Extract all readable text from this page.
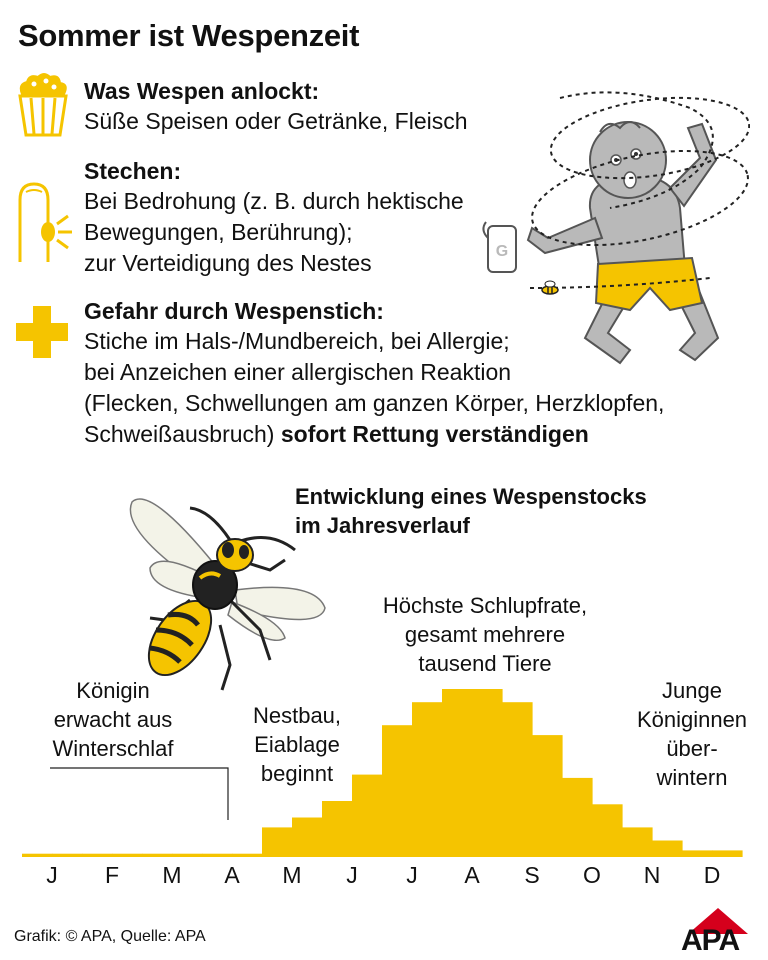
Sommer ist Wespenzeit
Was Wespen anlockt:
Süße Speisen oder Getränke, Fleisch
Stechen:
Bei Bedrohung (z. B. durch hektische
Bewegungen, Berührung);
zur Verteidigung des Nestes
Gefahr durch Wespenstich:
Stiche im Hals-/Mundbereich, bei Allergie;
bei Anzeichen einer allergischen Reaktion
(Flecken, Schwellungen am ganzen Körper, Herzklopfen,
Schweißausbruch) sofort Rettung verständigen
G
Entwicklung eines Wespenstocks
im Jahresverlauf
Königin
erwacht aus
Winterschlaf
Nestbau,
Eiablage
beginnt
Höchste Schlupfrate,
gesamt mehrere
tausend Tiere
Junge
Königinnen
über-
wintern
J	F	M	A	M	J	J	A	S	O	N	D
Grafik: © APA, Quelle: APA	APA
